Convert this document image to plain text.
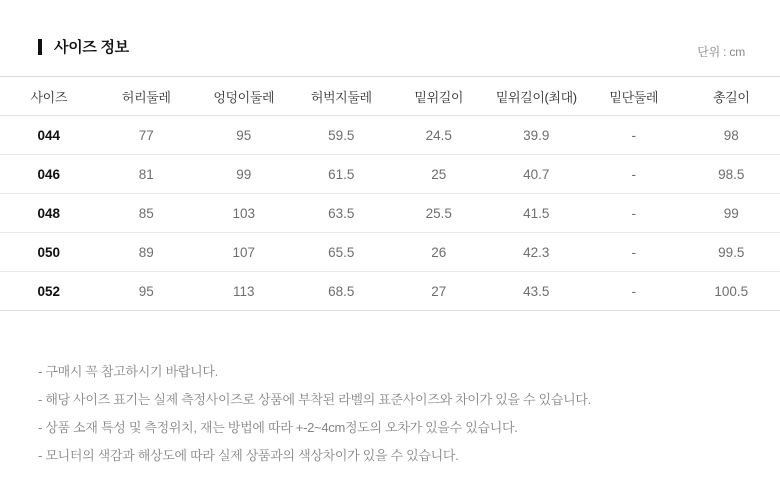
사이즈 정보	단위 : cm
사이즈	허리둘레	엉덩이둘레	허벅지둘레	밑위길이	밑위길이(최대)	밑단둘레	총길이
044	77	95	59.5	24.5	39.9	-	98
046	81	99	61.5	25	40.7	-	98.5
048	85	103	63.5	25.5	41.5	-	99
050	89	107	65.5	26	42.3	-	99.5
052	95	113	68.5	27	43.5	-	100.5
- 구매시 꼭 참고하시기 바랍니다.
- 해당 사이즈 표기는 실제 측정사이즈로 상품에 부착된 라벨의 표준사이즈와 차이가 있을 수 있습니다.
- 상품 소재 특성 및 측정위치, 재는 방법에 따라 +-2~4cm정도의 오차가 있을수 있습니다.
- 모니터의 색감과 해상도에 따라 실제 상품과의 색상차이가 있을 수 있습니다.
